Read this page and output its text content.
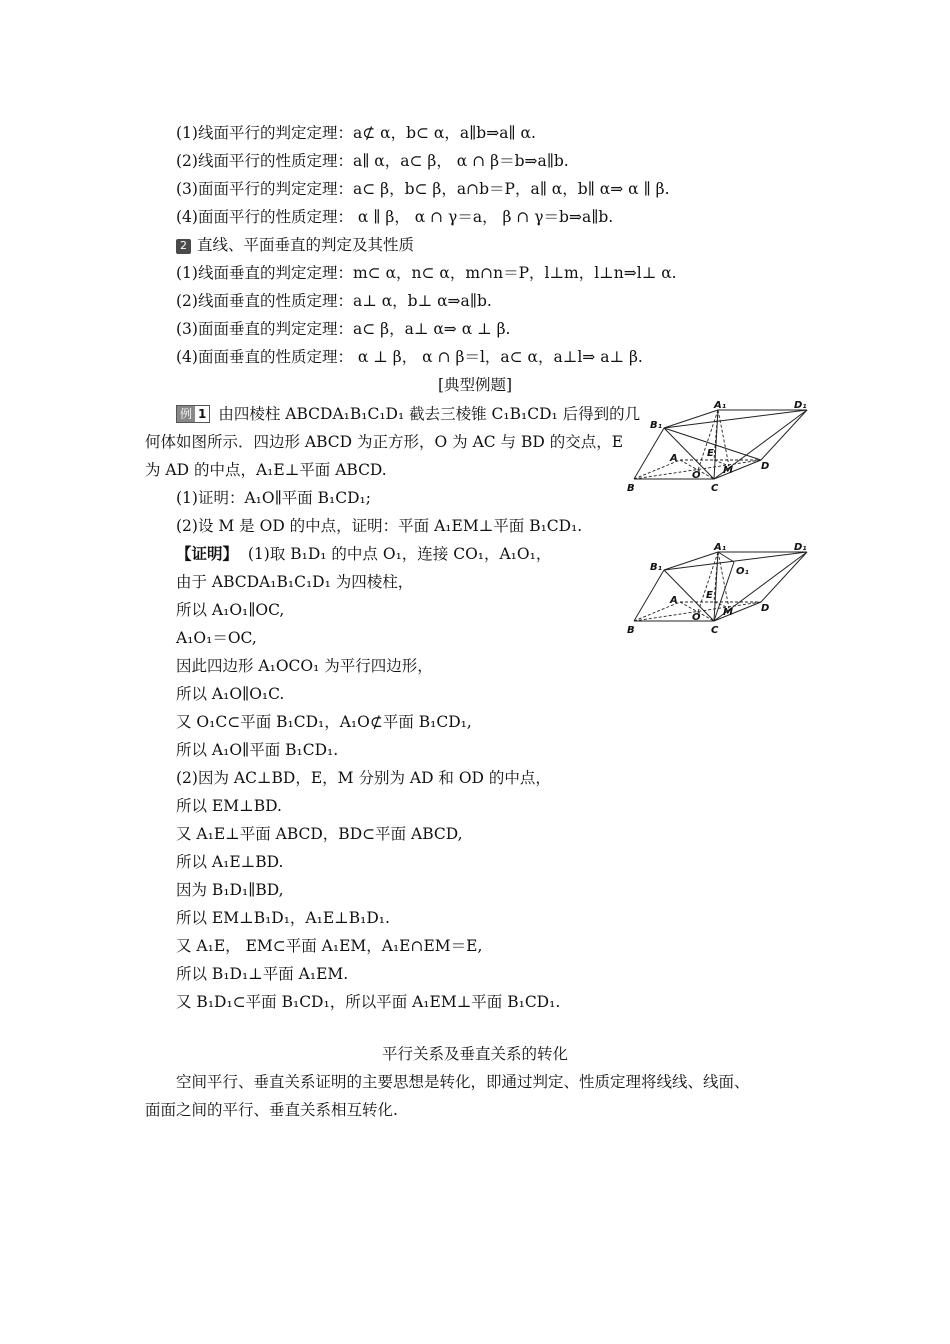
(1)线面平行的判定定理：a⊄ α，b⊂ α，a∥b⇒a∥ α.
(2)线面平行的性质定理：a∥ α，a⊂ β， α ∩ β＝b⇒a∥b.
(3)面面平行的判定定理：a⊂ β，b⊂ β，a∩b＝P，a∥ α，b∥ α⇒ α ∥ β.
(4)面面平行的性质定理： α ∥ β， α ∩ γ＝a， β ∩ γ＝b⇒a∥b.
2 直线、平面垂直的判定及其性质
(1)线面垂直的判定定理：m⊂ α，n⊂ α，m∩n＝P，l⊥m，l⊥n⇒l⊥ α.
(2)线面垂直的性质定理：a⊥ α，b⊥ α⇒a∥b.
(3)面面垂直的判定定理：a⊂ β，a⊥ α⇒ α ⊥ β.
(4)面面垂直的性质定理： α ⊥ β， α ∩ β＝l，a⊂ α，a⊥l⇒ a⊥ β.
[典型例题]
例 1 由四棱柱 ABCDA₁B₁C₁D₁ 截去三棱锥 C₁B₁CD₁ 后得到的几
何体如图所示．四边形 ABCD 为正方形，O 为 AC 与 BD 的交点，E
为 AD 的中点，A₁E⊥平面 ABCD.
(1)证明：A₁O∥平面 B₁CD₁;
(2)设 M 是 OD 的中点，证明：平面 A₁EM⊥平面 B₁CD₁.
【证明】 (1)取 B₁D₁ 的中点 O₁，连接 CO₁，A₁O₁，
由于 ABCDA₁B₁C₁D₁ 为四棱柱，
所以 A₁O₁∥OC,
A₁O₁＝OC,
因此四边形 A₁OCO₁ 为平行四边形，
所以 A₁O∥O₁C.
又 O₁C⊂平面 B₁CD₁，A₁O⊄平面 B₁CD₁,
所以 A₁O∥平面 B₁CD₁.
(2)因为 AC⊥BD，E，M 分别为 AD 和 OD 的中点，
所以 EM⊥BD.
又 A₁E⊥平面 ABCD，BD⊂平面 ABCD,
所以 A₁E⊥BD.
因为 B₁D₁∥BD,
所以 EM⊥B₁D₁，A₁E⊥B₁D₁.
又 A₁E， EM⊂平面 A₁EM，A₁E∩EM＝E,
所以 B₁D₁⊥平面 A₁EM.
又 B₁D₁⊂平面 B₁CD₁，所以平面 A₁EM⊥平面 B₁CD₁.
A₁	D₁
B₁
A	E
O M	D
B	C
A₁	D₁
B₁	O₁
A	E
O M	D
B	C
平行关系及垂直关系的转化
空间平行、垂直关系证明的主要思想是转化，即通过判定、性质定理将线线、线面、
面面之间的平行、垂直关系相互转化.
